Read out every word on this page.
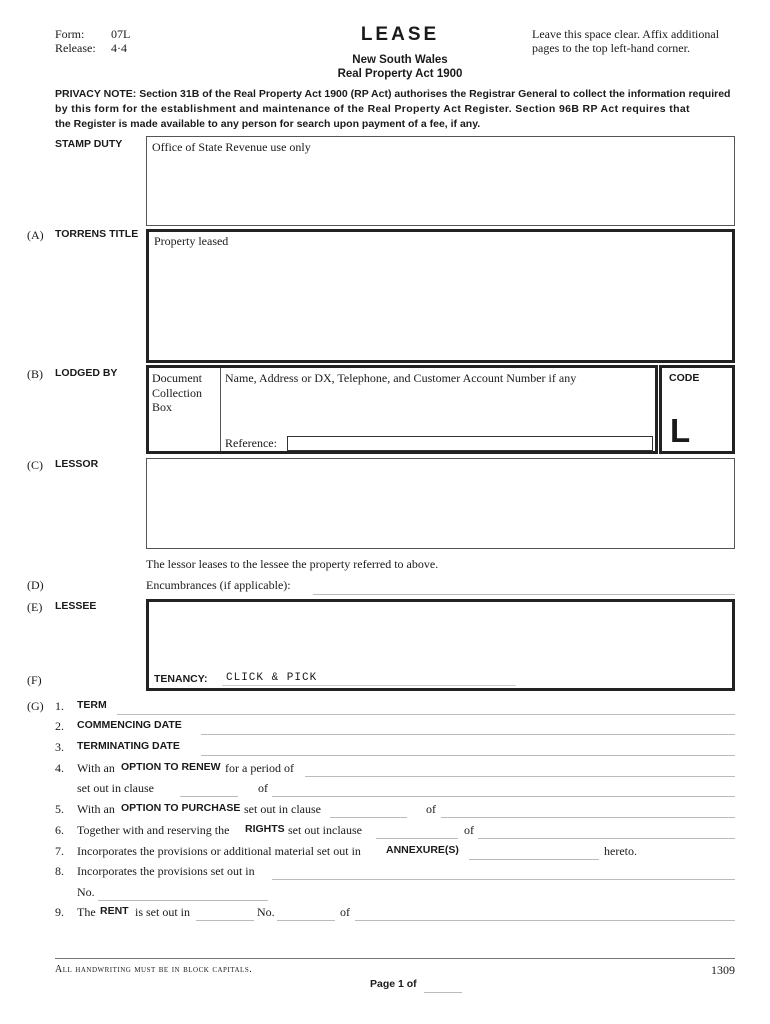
Form: 07L
Release: 4·4
LEASE
New South Wales
Real Property Act 1900
Leave this space clear. Affix additional
pages to the top left-hand corner.
PRIVACY NOTE: Section 31B of the Real Property Act 1900 (RP Act) authorises the Registrar General to collect the information required
by this form for the establishment and maintenance of the Real Property Act Register. Section 96B RP Act requires that
the Register is made available to any person for search upon payment of a fee, if any.
STAMP DUTY Office of State Revenue use only
(A) TORRENS TITLE Property leased
(B) LODGED BY	Document
Collection
Box
Name, Address or DX, Telephone, and Customer Account Number if any
Reference:
CODE
L
(C) LESSOR
The lessor leases to the lessee the property referred to above.
(D)	Encumbrances (if applicable):
(E) LESSEE
TENANCY:	CLICK & PICK
(F)
(G) 1. TERM
2. COMMENCING DATE
3. TERMINATING DATE
4. With an OPTION TO RENEW for a period of
set out in clause	of
5. With an OPTION TO PURCHASE set out in clause	of
6. Together with and reserving the RIGHTS set out inclause	of
7. Incorporates the provisions or additional material set out in ANNEXURE(S)	hereto.
8. Incorporates the provisions set out in
No.
9. The RENT is set out in	No.	of
All handwriting must be in block capitals.	1309
Page 1 of
